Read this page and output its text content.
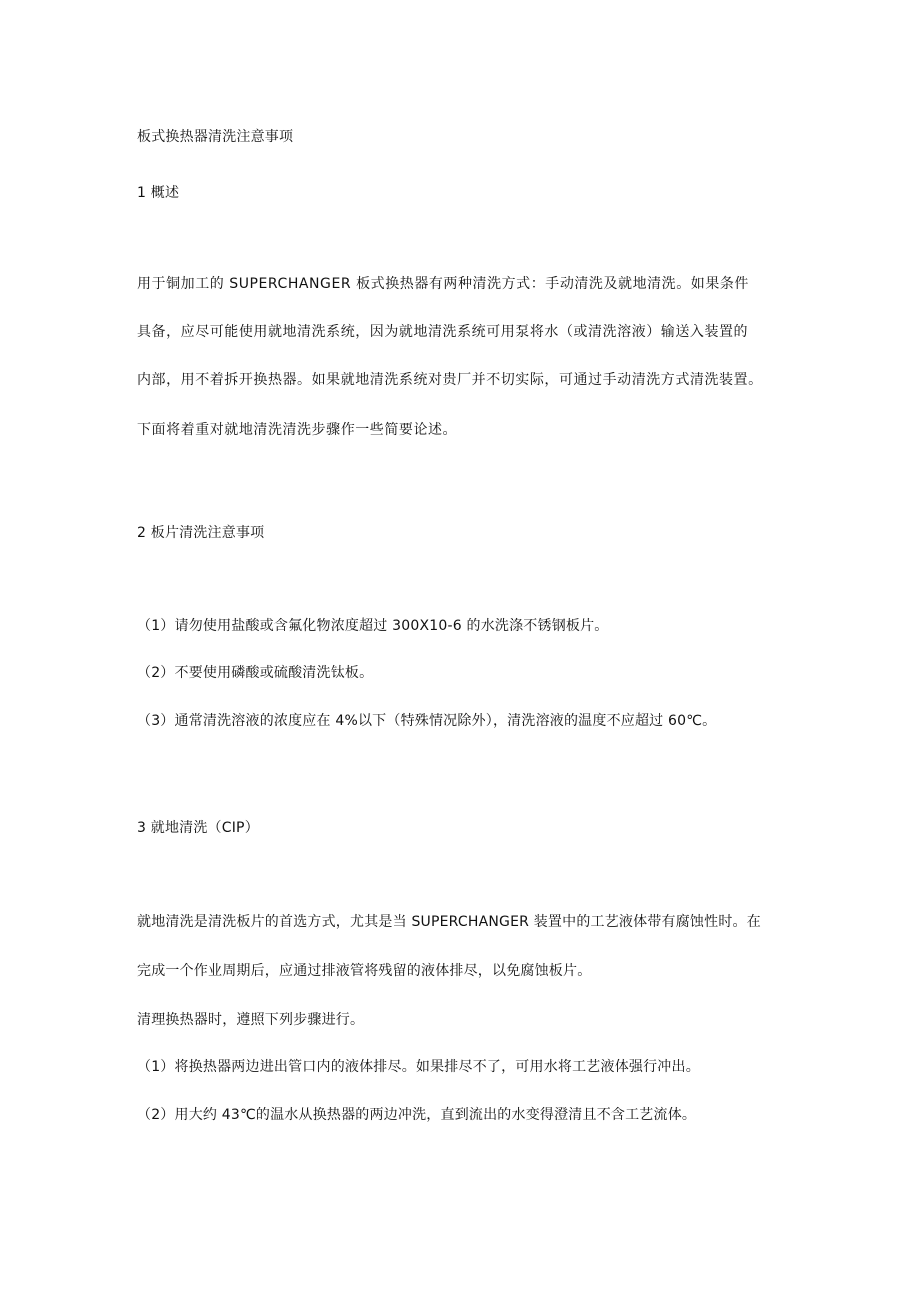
板式换热器清洗注意事项
1 概述
用于铜加工的 SUPERCHANGER 板式换热器有两种清洗方式：手动清洗及就地清洗。如果条件
具备，应尽可能使用就地清洗系统，因为就地清洗系统可用泵将水（或清洗溶液）输送入装置的
内部，用不着拆开换热器。如果就地清洗系统对贵厂并不切实际，可通过手动清洗方式清洗装置。
下面将着重对就地清洗清洗步骤作一些简要论述。
2 板片清洗注意事项
（1）请勿使用盐酸或含氟化物浓度超过 300X10-6 的水洗涤不锈钢板片。
（2）不要使用磷酸或硫酸清洗钛板。
（3）通常清洗溶液的浓度应在 4%以下（特殊情况除外），清洗溶液的温度不应超过 60℃。
3 就地清洗（CIP）
就地清洗是清洗板片的首选方式，尤其是当 SUPERCHANGER 装置中的工艺液体带有腐蚀性时。在
完成一个作业周期后，应通过排液管将残留的液体排尽，以免腐蚀板片。
清理换热器时，遵照下列步骤进行。
（1）将换热器两边进出管口内的液体排尽。如果排尽不了，可用水将工艺液体强行冲出。
（2）用大约 43℃的温水从换热器的两边冲洗，直到流出的水变得澄清且不含工艺流体。
